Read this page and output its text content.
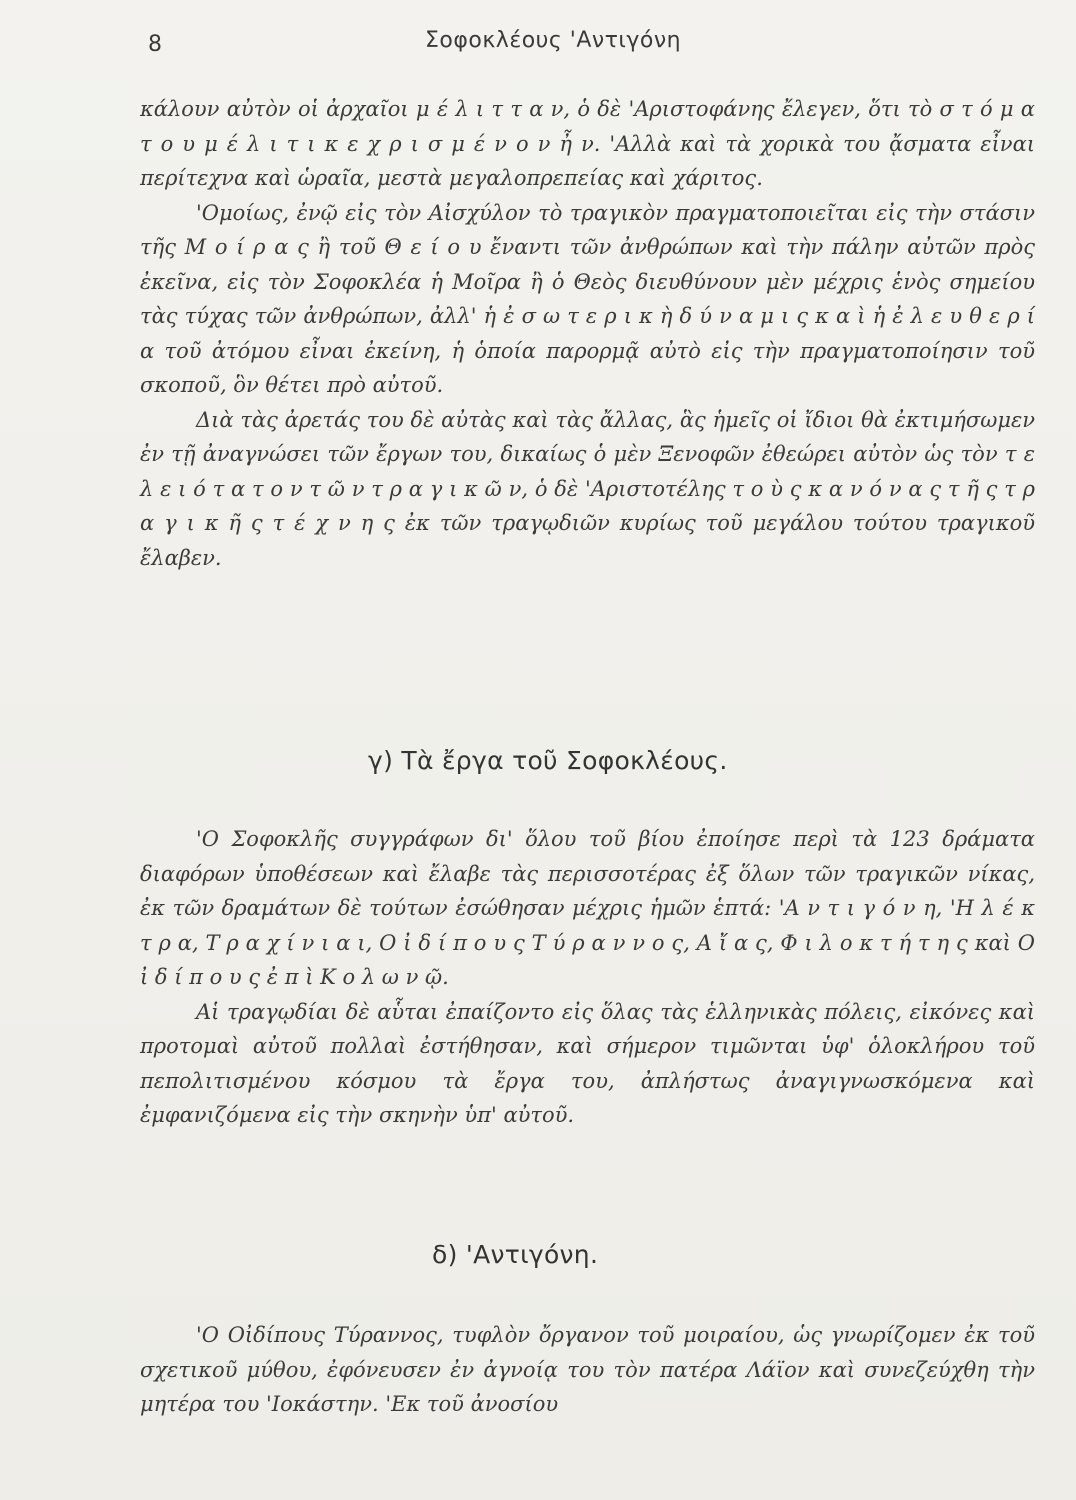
8	Σοφοκλέους 'Αντιγόνη

κάλουν αὐτὸν οἱ ἀρχαῖοι μ έ λ ι τ τ α ν, ὁ δὲ 'Αριστοφάνης ἔλεγεν, ὅτι τὸ σ τ ό μ α τ ο υ μ έ λ ι τ ι κ ε χ ρ ι σ μ έ ν ο ν ἦ ν. 'Αλλὰ καὶ τὰ χορικὰ του ᾄσματα εἶναι περίτεχνα καὶ ὡραῖα, μεστὰ μεγαλοπρεπείας καὶ χάριτος.

'Ομοίως, ἐνῷ εἰς τὸν Αἰσχύλον τὸ τραγικὸν πραγματοποιεῖται εἰς τὴν στάσιν τῆς Μ ο ί ρ α ς ἢ τοῦ Θ ε ί ο υ ἔναντι τῶν ἀνθρώπων καὶ τὴν πάλην αὐτῶν πρὸς ἐκεῖνα, εἰς τὸν Σοφοκλέα ἡ Μοῖρα ἢ ὁ Θεὸς διευθύνουν μὲν μέχρις ἑνὸς σημείου τὰς τύχας τῶν ἀνθρώπων, ἀλλ' ἡ ἐ σ ω τ ε ρ ι κ ὴ δ ύ ν α μ ι ς κ α ὶ ἡ ἐ λ ε υ θ ε ρ ί α τοῦ ἀτόμου εἶναι ἐκείνη, ἡ ὁποία παρορμᾷ αὐτὸ εἰς τὴν πραγματοποίησιν τοῦ σκοποῦ, ὃν θέτει πρὸ αὐτοῦ.

Διὰ τὰς ἀρετάς του δὲ αὐτὰς καὶ τὰς ἄλλας, ἃς ἡμεῖς οἱ ἴδιοι θὰ ἐκτιμήσωμεν ἐν τῇ ἀναγνώσει τῶν ἔργων του, δικαίως ὁ μὲν Ξενοφῶν ἐθεώρει αὐτὸν ὡς τὸν τ ε λ ε ι ό τ α τ ο ν τ ῶ ν τ ρ α γ ι κ ῶ ν, ὁ δὲ 'Αριστοτέλης τ ο ὺ ς κ α ν ό ν α ς τ ῆ ς τ ρ α γ ι κ ῆ ς τ έ χ ν η ς ἐκ τῶν τραγῳδιῶν κυρίως τοῦ μεγάλου τούτου τραγικοῦ ἔλαβεν.

γ) Τὰ ἔργα τοῦ Σοφοκλέους.

'Ο Σοφοκλῆς συγγράφων δι' ὅλου τοῦ βίου ἐποίησε περὶ τὰ 123 δράματα διαφόρων ὑποθέσεων καὶ ἔλαβε τὰς περισσοτέρας ἐξ ὅλων τῶν τραγικῶν νίκας, ἐκ τῶν δραμάτων δὲ τούτων ἐσώθησαν μέχρις ἡμῶν ἑπτά: 'Α ν τ ι γ ό ν η, 'Η λ έ κ τ ρ α, Τ ρ α χ ί ν ι α ι, Ο ἰ δ ί π ο υ ς Τ ύ ρ α ν ν ο ς, Α ἴ α ς, Φ ι λ ο κ τ ή τ η ς καὶ Ο ἰ δ ί π ο υ ς ἐ π ὶ Κ ο λ ω ν ῷ.

Αἱ τραγῳδίαι δὲ αὗται ἐπαίζοντο εἰς ὅλας τὰς ἑλληνικὰς πόλεις, εἰκόνες καὶ προτομαὶ αὐτοῦ πολλαὶ ἐστήθησαν, καὶ σήμερον τιμῶνται ὑφ' ὁλοκλήρου τοῦ πεπολιτισμένου κόσμου τὰ ἔργα του, ἀπλήστως ἀναγιγνωσκόμενα καὶ ἐμφανιζόμενα εἰς τὴν σκηνὴν ὑπ' αὐτοῦ.

δ) 'Αντιγόνη.

'Ο Οἰδίπους Τύραννος, τυφλὸν ὄργανον τοῦ μοιραίου, ὡς γνωρίζομεν ἐκ τοῦ σχετικοῦ μύθου, ἐφόνευσεν ἐν ἀγνοίᾳ του τὸν πατέρα Λάϊον καὶ συνεζεύχθη τὴν μητέρα του 'Ιοκάστην. 'Εκ τοῦ ἀνοσίου
